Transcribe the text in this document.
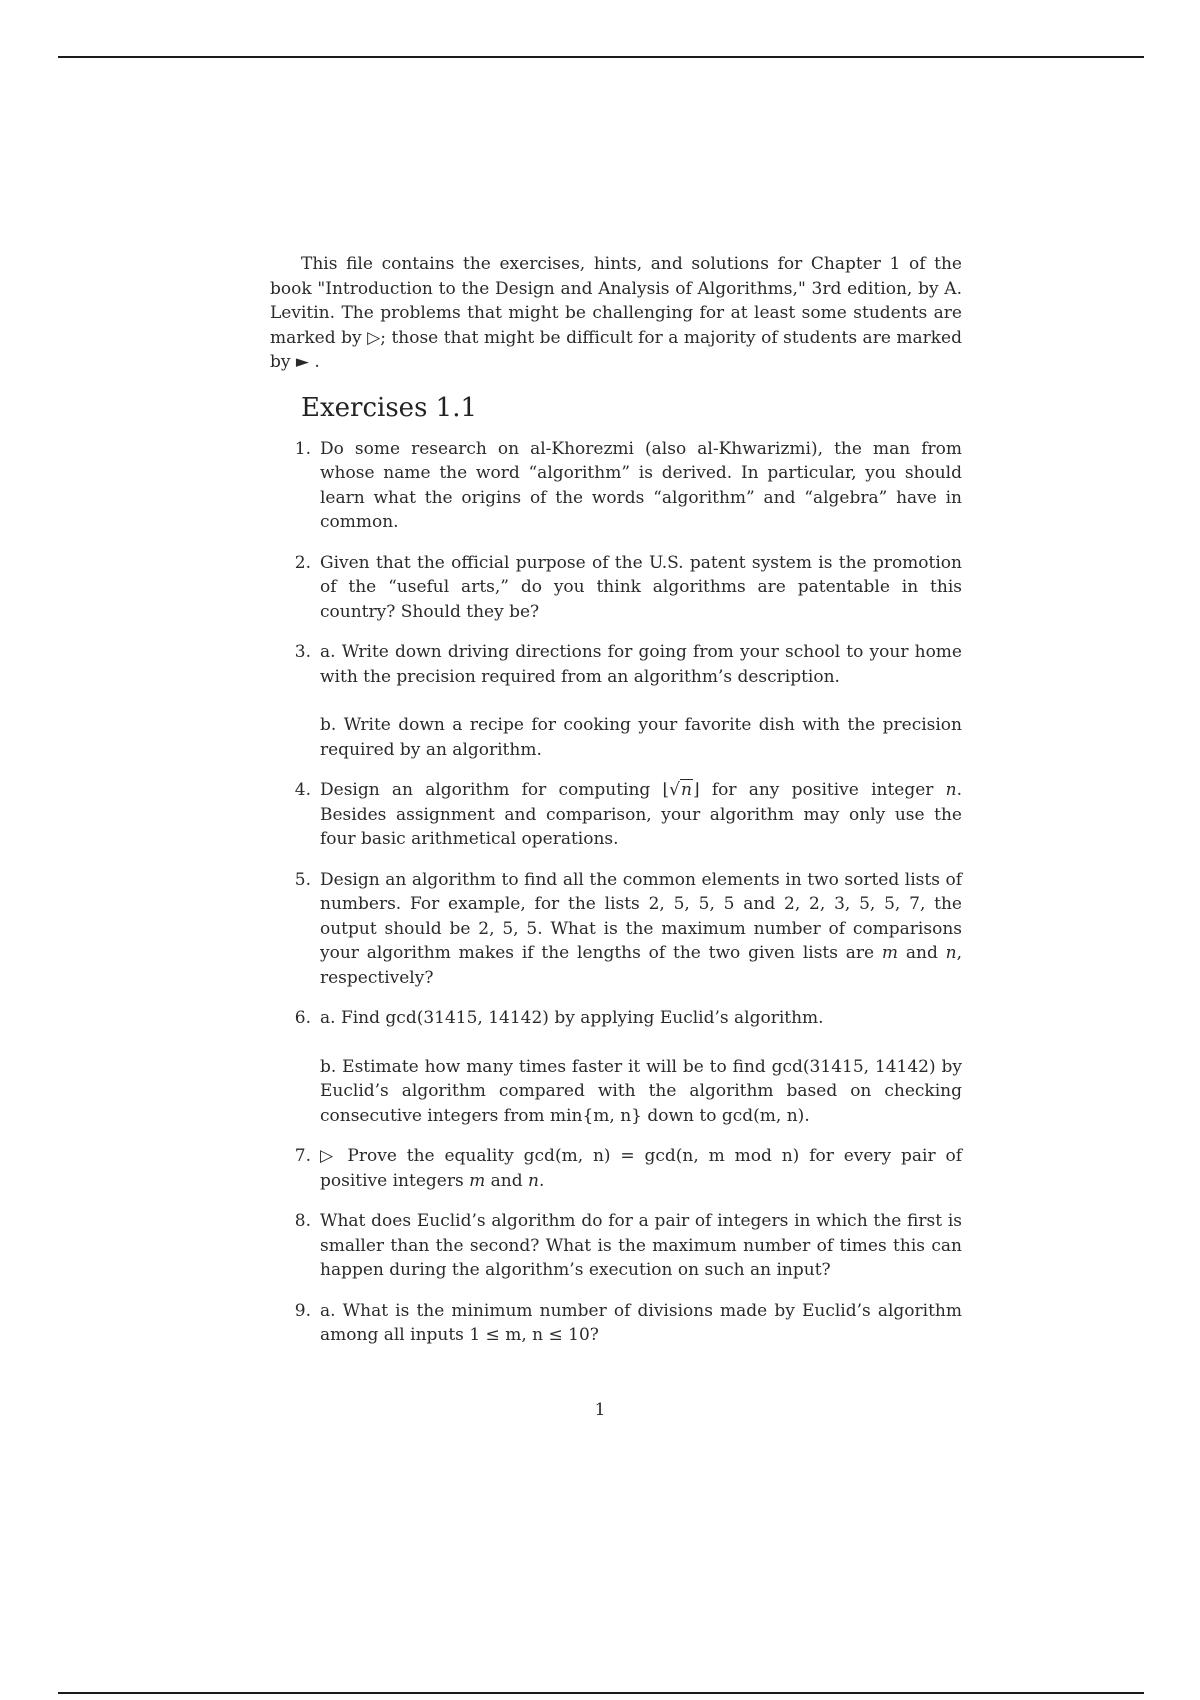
This file contains the exercises, hints, and solutions for Chapter 1 of the book "Introduction to the Design and Analysis of Algorithms," 3rd edition, by A. Levitin. The problems that might be challenging for at least some students are marked by ▷; those that might be difficult for a majority of students are marked by ► .

Exercises 1.1
1. Do some research on al-Khorezmi (also al-Khwarizmi), the man from whose name the word “algorithm” is derived. In particular, you should learn what the origins of the words “algorithm” and “algebra” have in common.

2. Given that the official purpose of the U.S. patent system is the promotion of the “useful arts,” do you think algorithms are patentable in this country? Should they be?

3. a. Write down driving directions for going from your school to your home with the precision required from an algorithm’s description.

b. Write down a recipe for cooking your favorite dish with the precision required by an algorithm.

4. Design an algorithm for computing ⌊√n⌋ for any positive integer n. Besides assignment and comparison, your algorithm may only use the four basic arithmetical operations.

5. Design an algorithm to find all the common elements in two sorted lists of numbers. For example, for the lists 2, 5, 5, 5 and 2, 2, 3, 5, 5, 7, the output should be 2, 5, 5. What is the maximum number of comparisons your algorithm makes if the lengths of the two given lists are m and n, respectively?

6. a. Find gcd(31415, 14142) by applying Euclid’s algorithm.

b. Estimate how many times faster it will be to find gcd(31415, 14142) by Euclid’s algorithm compared with the algorithm based on checking consecutive integers from min{m, n} down to gcd(m, n).

7. ▷ Prove the equality gcd(m, n) = gcd(n, m mod n) for every pair of positive integers m and n.

8. What does Euclid’s algorithm do for a pair of integers in which the first is smaller than the second? What is the maximum number of times this can happen during the algorithm’s execution on such an input?

9. a. What is the minimum number of divisions made by Euclid’s algorithm among all inputs 1 ≤ m, n ≤ 10?

1
